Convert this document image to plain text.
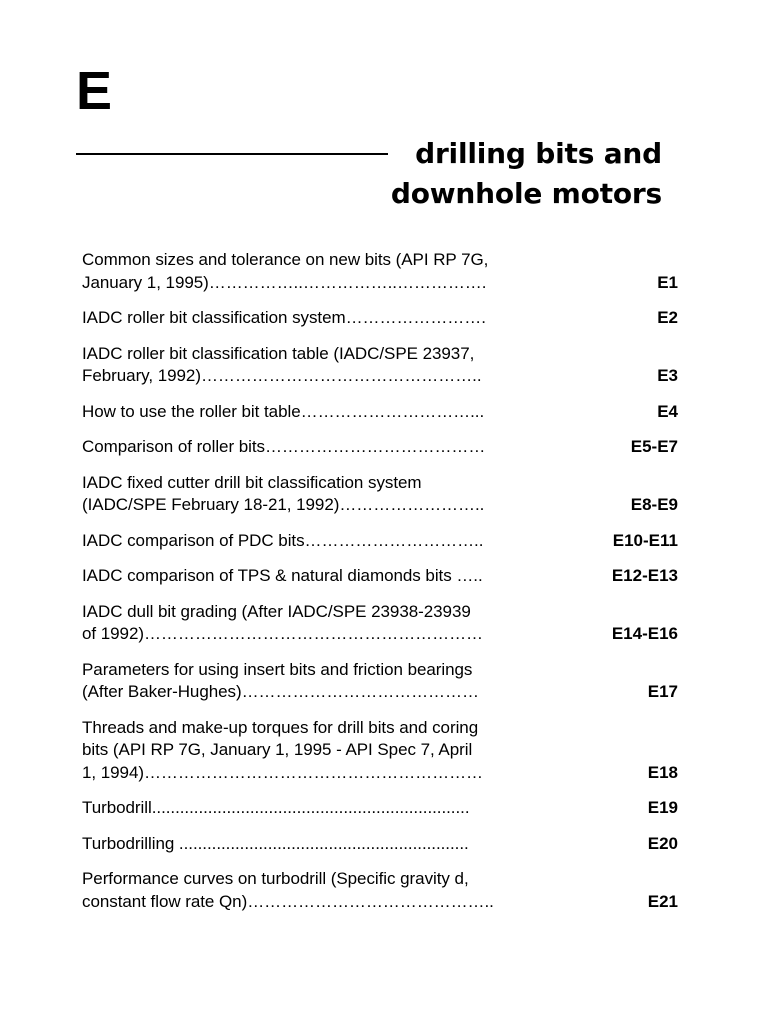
E
drilling bits and
downhole motors
Common sizes and tolerance on new bits (API RP 7G,
January 1, 1995)……………..……………..…………….	E1
IADC roller bit classification system…………………….	E2
IADC roller bit classification table (IADC/SPE 23937,
February, 1992)…………………………………………..	E3
How to use the roller bit table…………………………...	E4
Comparison of roller bits…………………………………	E5-E7
IADC fixed cutter drill bit classification system
(IADC/SPE February 18-21, 1992)……………………..	E8-E9
IADC comparison of PDC bits…………………………..	E10-E11
IADC comparison of TPS & natural diamonds bits …..	E12-E13
IADC dull bit grading (After IADC/SPE 23938-23939
of 1992)……………………………………………………	E14-E16
Parameters for using insert bits and friction bearings
(After Baker-Hughes)……………………………………	E17
Threads and make-up torques for drill bits and coring
bits (API RP 7G, January 1, 1995 - API Spec 7, April
1, 1994)……………………………………………………	E18
Turbodrill....................................................................	E19
Turbodrilling ..............................................................	E20
Performance curves on turbodrill (Specific gravity d,
constant flow rate Qn)……………………………………..	E21
